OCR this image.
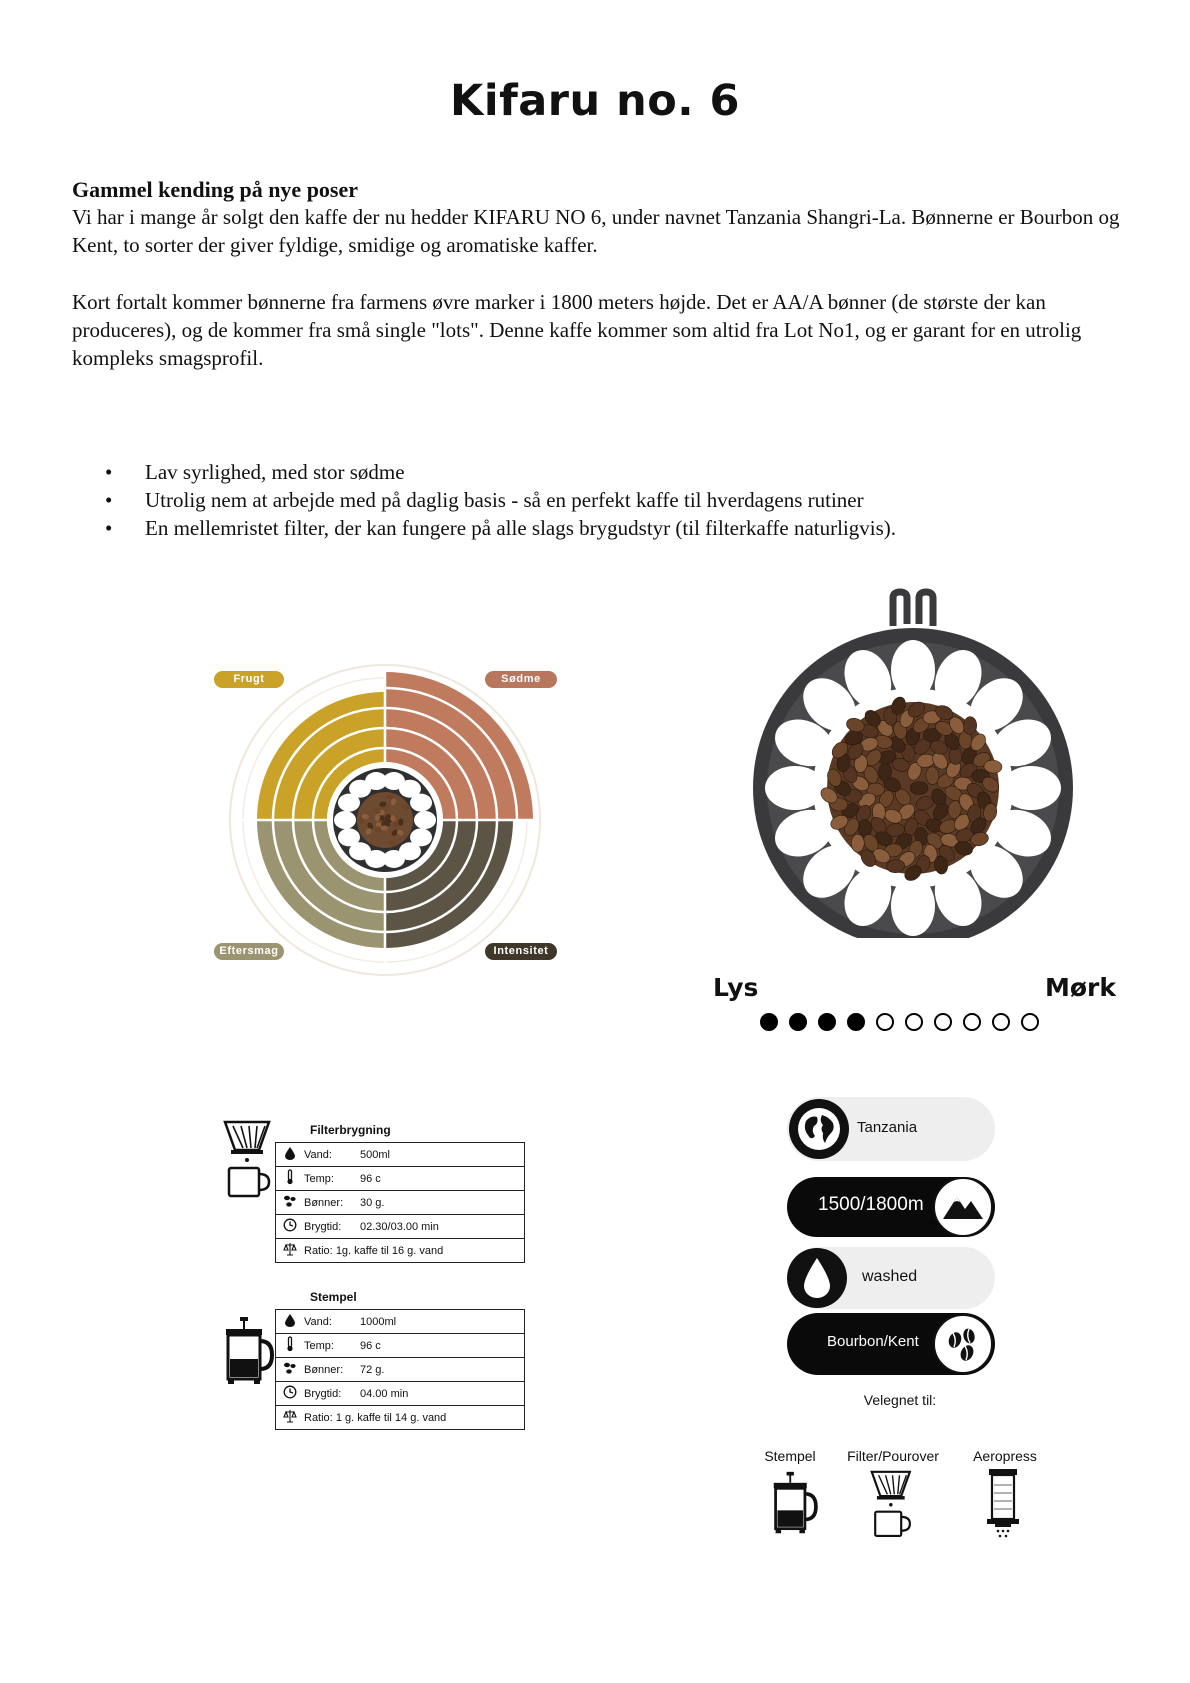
Kifaru no. 6
Gammel kending på nye poser
Vi har i mange år solgt den kaffe der nu hedder KIFARU NO 6, under navnet Tanzania Shangri-La. Bønnerne er Bourbon og Kent, to sorter der giver fyldige, smidige og aromatiske kaffer.
Kort fortalt kommer bønnerne fra farmens øvre marker i 1800 meters højde. Det er AA/A bønner (de største der kan produceres), og de kommer fra små single "lots". Denne kaffe kommer som altid fra Lot No1, og er garant for en utrolig kompleks smagsprofil.
• Lav syrlighed, med stor sødme
• Utrolig nem at arbejde med på daglig basis - så en perfekt kaffe til hverdagens rutiner
• En mellemristet filter, der kan fungere på alle slags brygudstyr (til filterkaffe naturligvis).
Frugt	Sødme
Eftersmag	Intensitet
Lys	Mørk
Filterbrygning
	Vand: 500ml
	Temp: 96 c
	Bønner: 30 g.
	Brygtid: 02.30/03.00 min
	Ratio: 1g. kaffe til 16 g. vand
Stempel
	Vand: 1000ml
	Temp: 96 c
	Bønner: 72 g.
	Brygtid: 04.00 min
	Ratio: 1 g. kaffe til 14 g. vand
Tanzania
1500/1800m
washed
Bourbon/Kent
Velegnet til:
Stempel	Filter/Pourover	Aeropress
